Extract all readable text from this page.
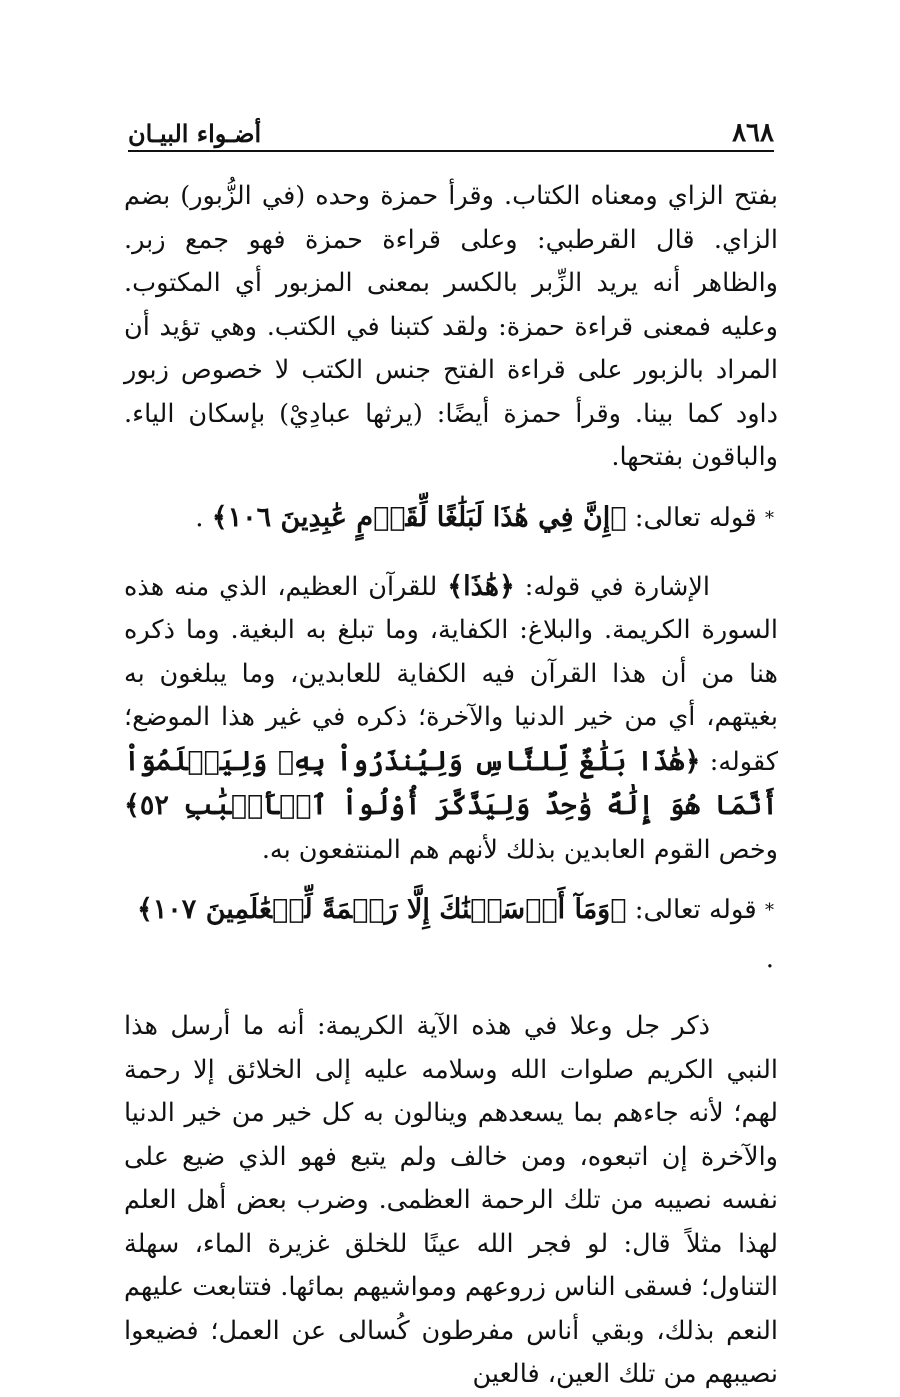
٨٦٨
أضـواء البيـان

بفتح الزاي ومعناه الكتاب. وقرأ حمزة وحده (في الزُّبور) بضم الزاي. قال القرطبي: وعلى قراءة حمزة فهو جمع زبر. والظاهر أنه يريد الزِّبر بالكسر بمعنى المزبور أي المكتوب. وعليه فمعنى قراءة حمزة: ولقد كتبنا في الكتب. وهي تؤيد أن المراد بالزبور على قراءة الفتح جنس الكتب لا خصوص زبور داود كما بينا. وقرأ حمزة أيضًا: (يرثها عبادِيْ) بإسكان الياء. والباقون بفتحها.

* قوله تعالى: ﴿إِنَّ فِي هَٰذَا لَبَلَٰغًا لِّقَوۡمٍ عَٰبِدِينَ ١٠٦﴾ .

الإشارة في قوله: ﴿هَٰذَا﴾ للقرآن العظيم، الذي منه هذه السورة الكريمة. والبلاغ: الكفاية، وما تبلغ به البغية. وما ذكره هنا من أن هذا القرآن فيه الكفاية للعابدين، وما يبلغون به بغيتهم، أي من خير الدنيا والآخرة؛ ذكره في غير هذا الموضع؛ كقوله: ﴿هَٰذَا بَلَٰغٌ لِّلنَّاسِ وَلِيُنذَرُواْ بِهِۦ وَلِيَعۡلَمُوٓاْ أَنَّمَا هُوَ إِلَٰهٌ وَٰحِدٌ وَلِيَذَّكَّرَ أُوْلُواْ ٱلۡأَلۡبَٰبِ ٥٢﴾ وخص القوم العابدين بذلك لأنهم هم المنتفعون به.

* قوله تعالى: ﴿وَمَآ أَرۡسَلۡنَٰكَ إِلَّا رَحۡمَةً لِّلۡعَٰلَمِينَ ١٠٧﴾ .

ذكر جل وعلا في هذه الآية الكريمة: أنه ما أرسل هذا النبي الكريم صلوات الله وسلامه عليه إلى الخلائق إلا رحمة لهم؛ لأنه جاءهم بما يسعدهم وينالون به كل خير من خير الدنيا والآخرة إن اتبعوه، ومن خالف ولم يتبع فهو الذي ضيع على نفسه نصيبه من تلك الرحمة العظمى. وضرب بعض أهل العلم لهذا مثلاً قال: لو فجر الله عينًا للخلق غزيرة الماء، سهلة التناول؛ فسقى الناس زروعهم ومواشيهم بمائها. فتتابعت عليهم النعم بذلك، وبقي أناس مفرطون كُسالى عن العمل؛ فضيعوا نصيبهم من تلك العين، فالعين
